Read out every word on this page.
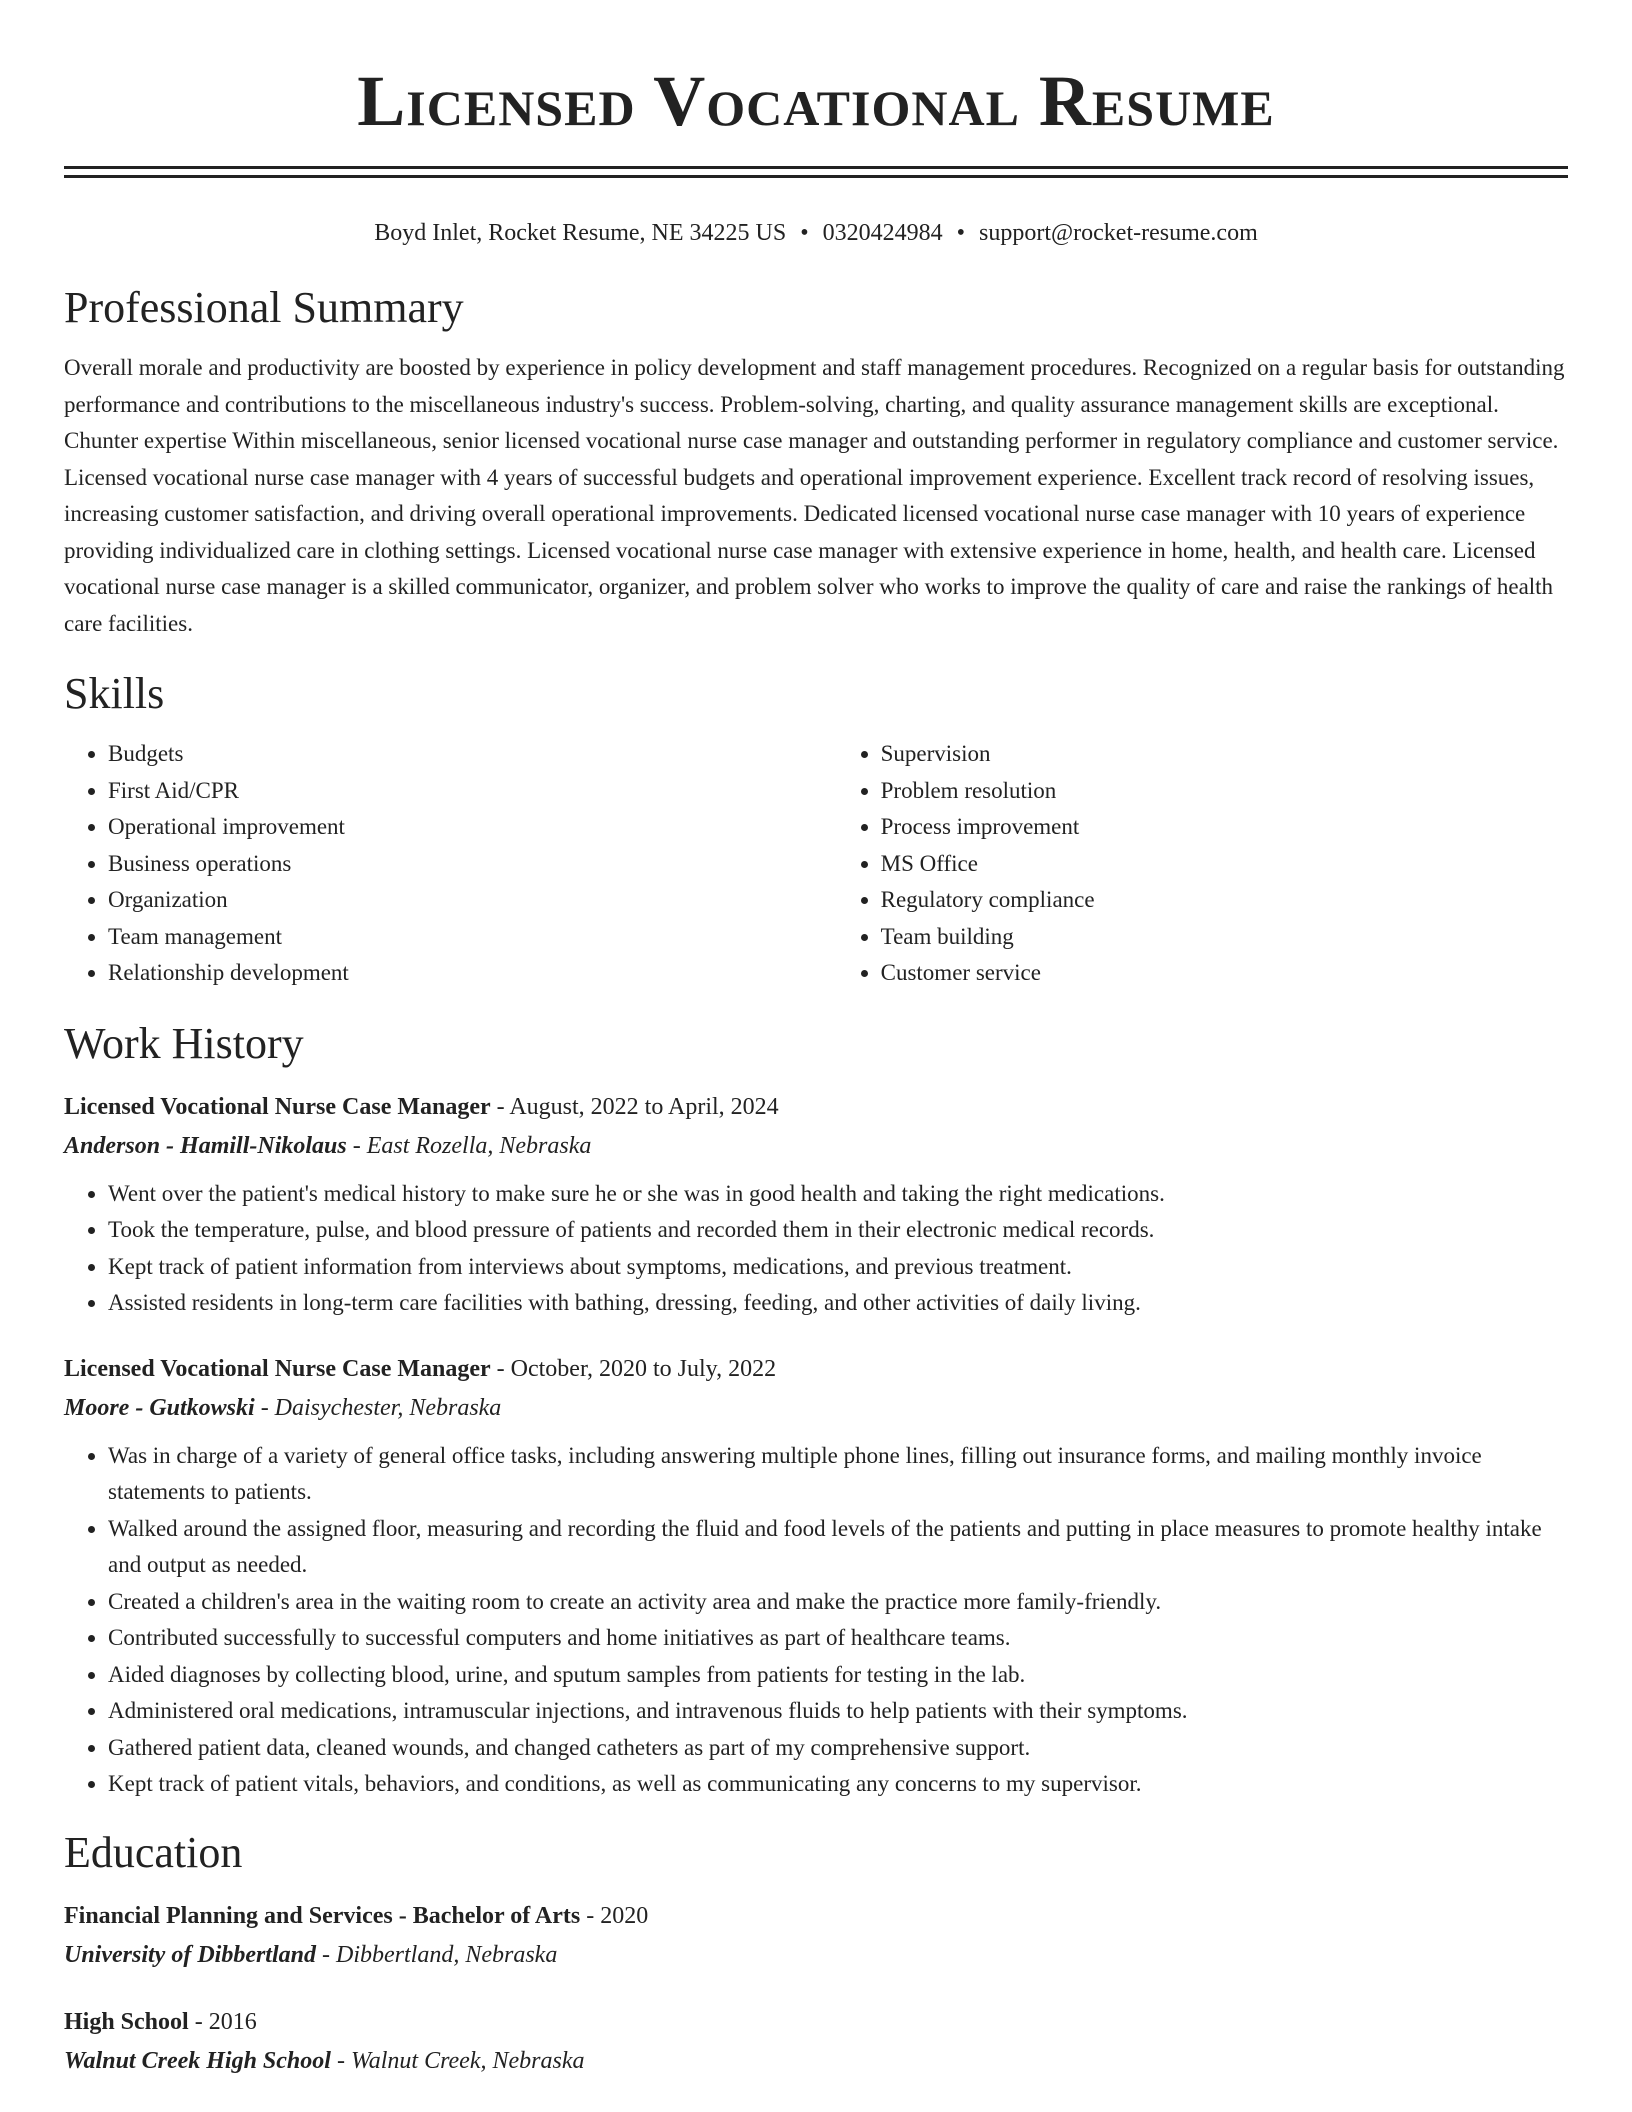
Licensed Vocational Resume
Boyd Inlet, Rocket Resume, NE 34225 US • 0320424984 • support@rocket-resume.com
Professional Summary

Overall morale and productivity are boosted by experience in policy development and staff management procedures. Recognized on a regular basis for outstanding performance and contributions to the miscellaneous industry's success. Problem-solving, charting, and quality assurance management skills are exceptional. Chunter expertise Within miscellaneous, senior licensed vocational nurse case manager and outstanding performer in regulatory compliance and customer service. Licensed vocational nurse case manager with 4 years of successful budgets and operational improvement experience. Excellent track record of resolving issues, increasing customer satisfaction, and driving overall operational improvements. Dedicated licensed vocational nurse case manager with 10 years of experience providing individualized care in clothing settings. Licensed vocational nurse case manager with extensive experience in home, health, and health care. Licensed vocational nurse case manager is a skilled communicator, organizer, and problem solver who works to improve the quality of care and raise the rankings of health care facilities.

Skills
• Budgets
• First Aid/CPR
• Operational improvement
• Business operations
• Organization
• Team management
• Relationship development
• Supervision
• Problem resolution
• Process improvement
• MS Office
• Regulatory compliance
• Team building
• Customer service
Work History
Licensed Vocational Nurse Case Manager - August, 2022 to April, 2024
Anderson - Hamill-Nikolaus - East Rozella, Nebraska
• Went over the patient's medical history to make sure he or she was in good health and taking the right medications.
• Took the temperature, pulse, and blood pressure of patients and recorded them in their electronic medical records.
• Kept track of patient information from interviews about symptoms, medications, and previous treatment.
• Assisted residents in long-term care facilities with bathing, dressing, feeding, and other activities of daily living.
Licensed Vocational Nurse Case Manager - October, 2020 to July, 2022
Moore - Gutkowski - Daisychester, Nebraska
• Was in charge of a variety of general office tasks, including answering multiple phone lines, filling out insurance forms, and mailing monthly invoice statements to patients.
• Walked around the assigned floor, measuring and recording the fluid and food levels of the patients and putting in place measures to promote healthy intake and output as needed.
• Created a children's area in the waiting room to create an activity area and make the practice more family-friendly.
• Contributed successfully to successful computers and home initiatives as part of healthcare teams.
• Aided diagnoses by collecting blood, urine, and sputum samples from patients for testing in the lab.
• Administered oral medications, intramuscular injections, and intravenous fluids to help patients with their symptoms.
• Gathered patient data, cleaned wounds, and changed catheters as part of my comprehensive support.
• Kept track of patient vitals, behaviors, and conditions, as well as communicating any concerns to my supervisor.
Education
Financial Planning and Services - Bachelor of Arts - 2020
University of Dibbertland - Dibbertland, Nebraska
High School - 2016
Walnut Creek High School - Walnut Creek, Nebraska
